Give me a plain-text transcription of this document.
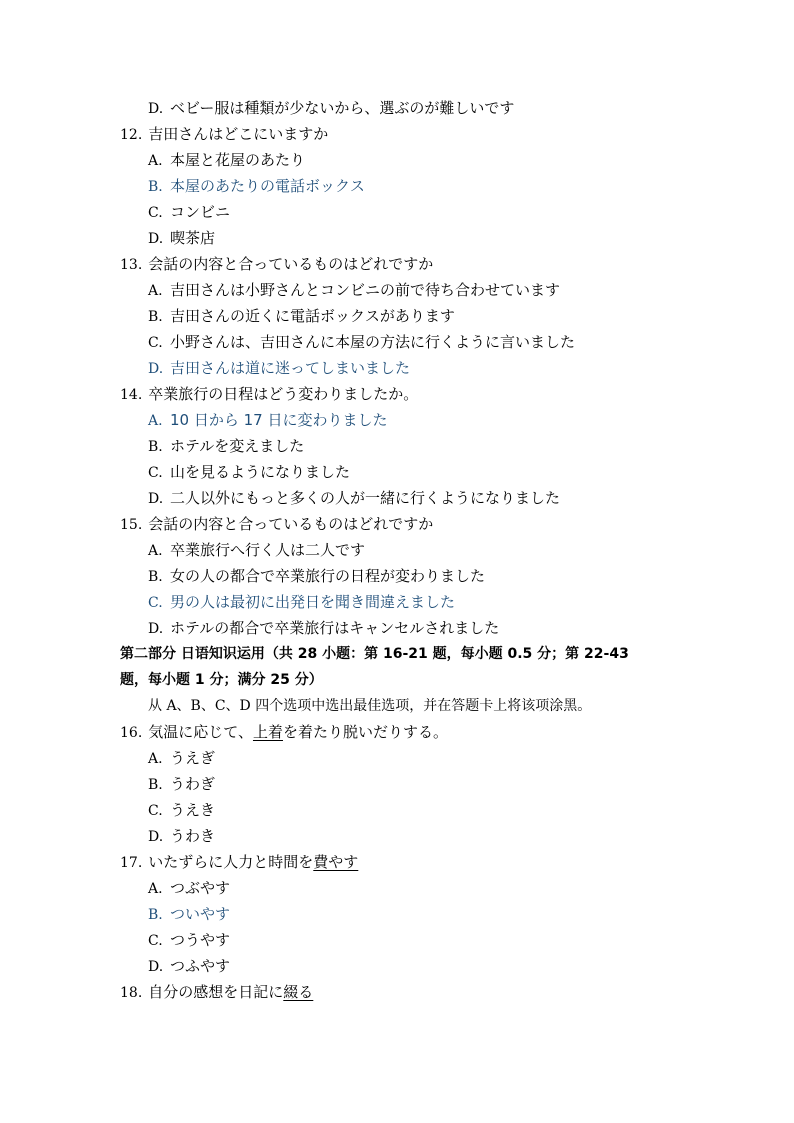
D. ベビー服は種類が少ないから、選ぶのが難しいです
12. 吉田さんはどこにいますか
A. 本屋と花屋のあたり
B. 本屋のあたりの電話ボックス
C. コンビニ
D. 喫茶店
13. 会話の内容と合っているものはどれですか
A. 吉田さんは小野さんとコンビニの前で待ち合わせています
B. 吉田さんの近くに電話ボックスがあります
C. 小野さんは、吉田さんに本屋の方法に行くように言いました
D. 吉田さんは道に迷ってしまいました
14. 卒業旅行の日程はどう変わりましたか。
A. 10 日から 17 日に変わりました
B. ホテルを変えました
C. 山を見るようになりました
D. 二人以外にもっと多くの人が一緒に行くようになりました
15. 会話の内容と合っているものはどれですか
A. 卒業旅行へ行く人は二人です
B. 女の人の都合で卒業旅行の日程が変わりました
C. 男の人は最初に出発日を聞き間違えました
D. ホテルの都合で卒業旅行はキャンセルされました
第二部分 日语知识运用（共 28 小题：第 16-21 题，每小题 0.5 分；第 22-43
题，每小题 1 分；满分 25 分）
从 A、B、C、D 四个选项中选出最佳选项，并在答题卡上将该项涂黑。
16. 気温に応じて、上着を着たり脱いだりする。
A. うえぎ
B. うわぎ
C. うえき
D. うわき
17. いたずらに人力と時間を費やす
A. つぶやす
B. ついやす
C. つうやす
D. つふやす
18. 自分の感想を日記に綴る
